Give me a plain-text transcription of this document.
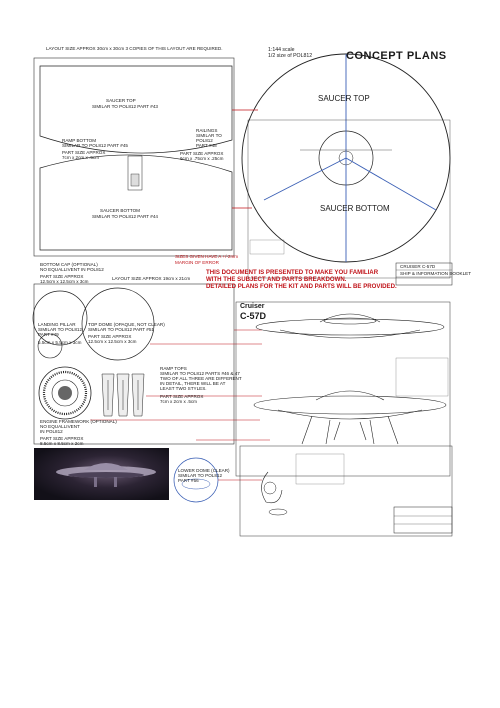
CONCEPT PLANS
1:144 scale
1/2 size of POL812
LAYOUT SIZE APPROX 30cm x 30cm 3 COPIES OF THIS LAYOUT ARE REQUIRED.
SAUCER TOP
SIMILAR TO POL812 PART #43
RAMP BOTTOM
SIMILAR TO POL812 PART #45
PART SIZE APPROX
7cm x 2cm x .5cm
RAILINGS
SIMILAR TO
POL812
PART #48
PART SIZE APPROX
6cm x .75cm x .25cm
SAUCER BOTTOM
SIMILAR TO POL812 PART #44
SIZES GIVEN HAVE A +/-2mm
MARGIN OF ERROR
SAUCER TOP
SAUCER BOTTOM
CRUISER C-57D
SHIP & INFORMATION BOOKLET
BOTTOM CAP (OPTIONAL)
NO EQUALLIVENT IN POL812
PART SIZE APPROX
12.5cm x 12.5cm x 3cm
LAYOUT SIZE APPROX 19cm x 21cm
THIS DOCUMENT IS PRESENTED TO MAKE YOU FAMILIAR
WITH THE SUBJECT AND PARTS BREAKDOWN.
DETAILED PLANS FOR THE KIT AND PARTS WILL BE PROVIDED.
LANDING PILLAR
SIMILAR TO POL812
PART #49
5.5cm x 5.5cm x 3cm
TOP DOME (OPAQUE, NOT CLEAR)
SIMILAR TO POL812 PART #51
PART SIZE APPROX
12.5cm x 12.5cm x 3cm
Cruiser
C-57D
RAMP TOPS
SIMILAR TO POL812 PARTS #46 & 47
TWO OF ALL THREE ARE DIFFERENT
IN DETAIL, THERE WILL BE AT
LEAST TWO STYLES.
PART SIZE APPROX
7cm x 2cm x .5cm
ENGINE FRAMEWORK (OPTIONAL)
NO EQUALLIVENT
IN POL812
PART SIZE APPROX
8.5cm x 8.5cm x 2cm
LOWER DOME (CLEAR)
SIMILAR TO POL812
PART #56
